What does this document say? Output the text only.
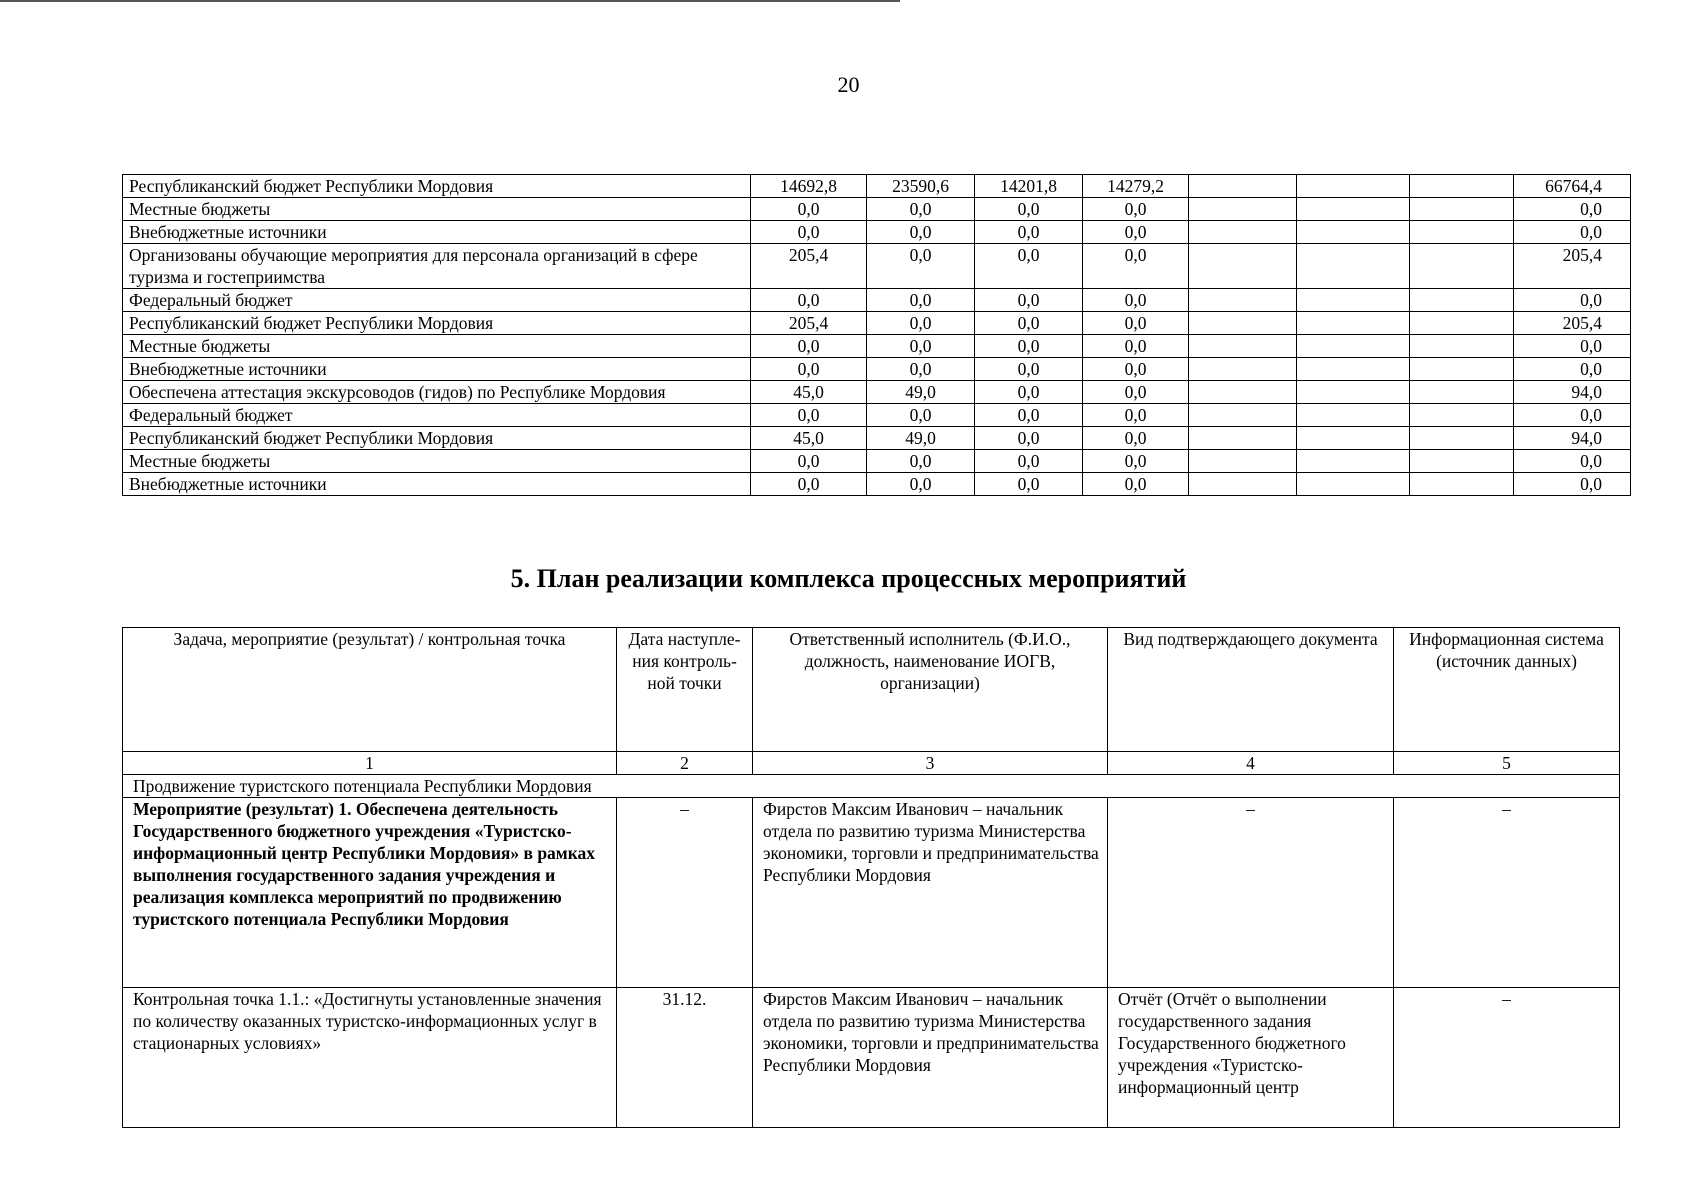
20
Республиканский бюджет Республики Мордовия	14692,8	23590,6	14201,8	14279,2				66764,4
Местные бюджеты	0,0	0,0	0,0	0,0				0,0
Внебюджетные источники	0,0	0,0	0,0	0,0				0,0
Организованы обучающие мероприятия для персонала организаций в сфере туризма и гостеприимства	205,4	0,0	0,0	0,0				205,4
Федеральный бюджет	0,0	0,0	0,0	0,0				0,0
Республиканский бюджет Республики Мордовия	205,4	0,0	0,0	0,0				205,4
Местные бюджеты	0,0	0,0	0,0	0,0				0,0
Внебюджетные источники	0,0	0,0	0,0	0,0				0,0
Обеспечена аттестация экскурсоводов (гидов) по Республике Мордовия	45,0	49,0	0,0	0,0				94,0
Федеральный бюджет	0,0	0,0	0,0	0,0				0,0
Республиканский бюджет Республики Мордовия	45,0	49,0	0,0	0,0				94,0
Местные бюджеты	0,0	0,0	0,0	0,0				0,0
Внебюджетные источники	0,0	0,0	0,0	0,0				0,0
5. План реализации комплекса процессных мероприятий
Задача, мероприятие (результат) / контрольная точка	Дата наступле-ния контроль-ной точки	Ответственный исполнитель (Ф.И.О., должность, наименование ИОГВ, организации)	Вид подтверждающего документа	Информационная система (источник данных)
1	2	3	4	5
Продвижение туристского потенциала Республики Мордовия				
Мероприятие (результат) 1. Обеспечена деятельность Государственного бюджетного учреждения «Туристско-информационный центр Республики Мордовия» в рамках выполнения государственного задания учреждения и реализация комплекса мероприятий по продвижению туристского потенциала Республики Мордовия	–	Фирстов Максим Иванович – начальник отдела по развитию туризма Министерства экономики, торговли и предпринимательства Республики Мордовия	–	–
Контрольная точка 1.1.: «Достигнуты установленные значения по количеству оказанных туристско-информационных услуг в стационарных условиях»	31.12.	Фирстов Максим Иванович – начальник отдела по развитию туризма Министерства экономики, торговли и предпринимательства Республики Мордовия	Отчёт (Отчёт о выполнении государственного задания Государственного бюджетного учреждения «Туристско-информационный центр	–
